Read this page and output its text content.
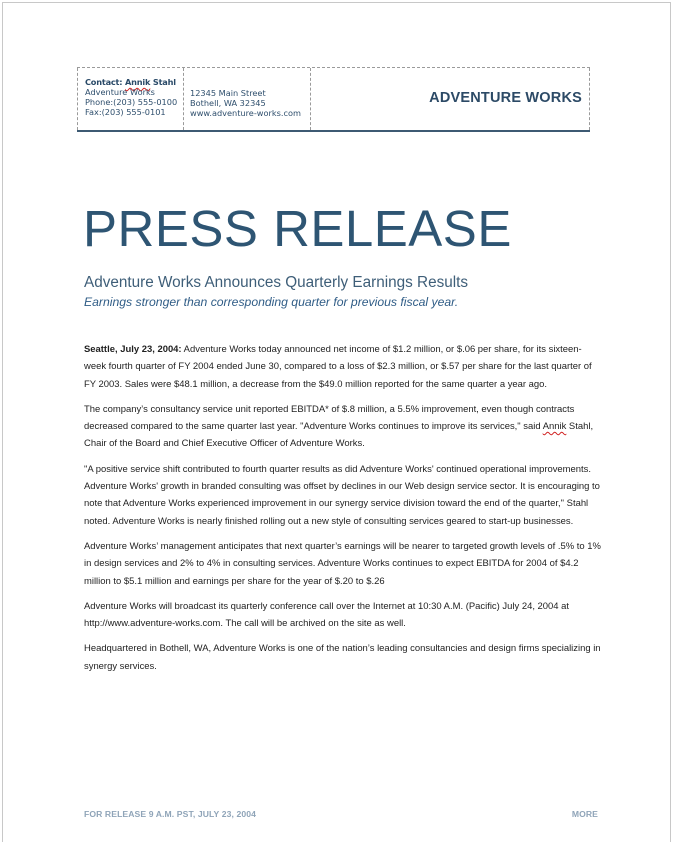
Contact: Annik Stahl
Adventure Works
Phone:(203) 555-0100
Fax:(203) 555-0101
12345 Main Street
Bothell, WA 32345
www.adventure-works.com
ADVENTURE WORKS
PRESS RELEASE
Adventure Works Announces Quarterly Earnings Results

Earnings stronger than corresponding quarter for previous fiscal year.

Seattle, July 23, 2004: Adventure Works today announced net income of $1.2 million, or $.06 per share, for its sixteen-week fourth quarter of FY 2004 ended June 30, compared to a loss of $2.3 million, or $.57 per share for the last quarter of FY 2003. Sales were $48.1 million, a decrease from the $49.0 million reported for the same quarter a year ago.

The company’s consultancy service unit reported EBITDA* of $.8 million, a 5.5% improvement, even though contracts decreased compared to the same quarter last year. "Adventure Works continues to improve its services," said Annik Stahl, Chair of the Board and Chief Executive Officer of Adventure Works.

"A positive service shift contributed to fourth quarter results as did Adventure Works' continued operational improvements. Adventure Works' growth in branded consulting was offset by declines in our Web design service sector. It is encouraging to note that Adventure Works experienced improvement in our synergy service division toward the end of the quarter," Stahl noted. Adventure Works is nearly finished rolling out a new style of consulting services geared to start-up businesses.

Adventure Works’ management anticipates that next quarter’s earnings will be nearer to targeted growth levels of .5% to 1% in design services and 2% to 4% in consulting services. Adventure Works continues to expect EBITDA for 2004 of $4.2 million to $5.1 million and earnings per share for the year of $.20 to $.26

Adventure Works will broadcast its quarterly conference call over the Internet at 10:30 A.M. (Pacific) July 24, 2004 at http://www.adventure-works.com. The call will be archived on the site as well.

Headquartered in Bothell, WA, Adventure Works is one of the nation’s leading consultancies and design firms specializing in synergy services.

FOR RELEASE 9 A.M. PST, JULY 23, 2004	MORE
